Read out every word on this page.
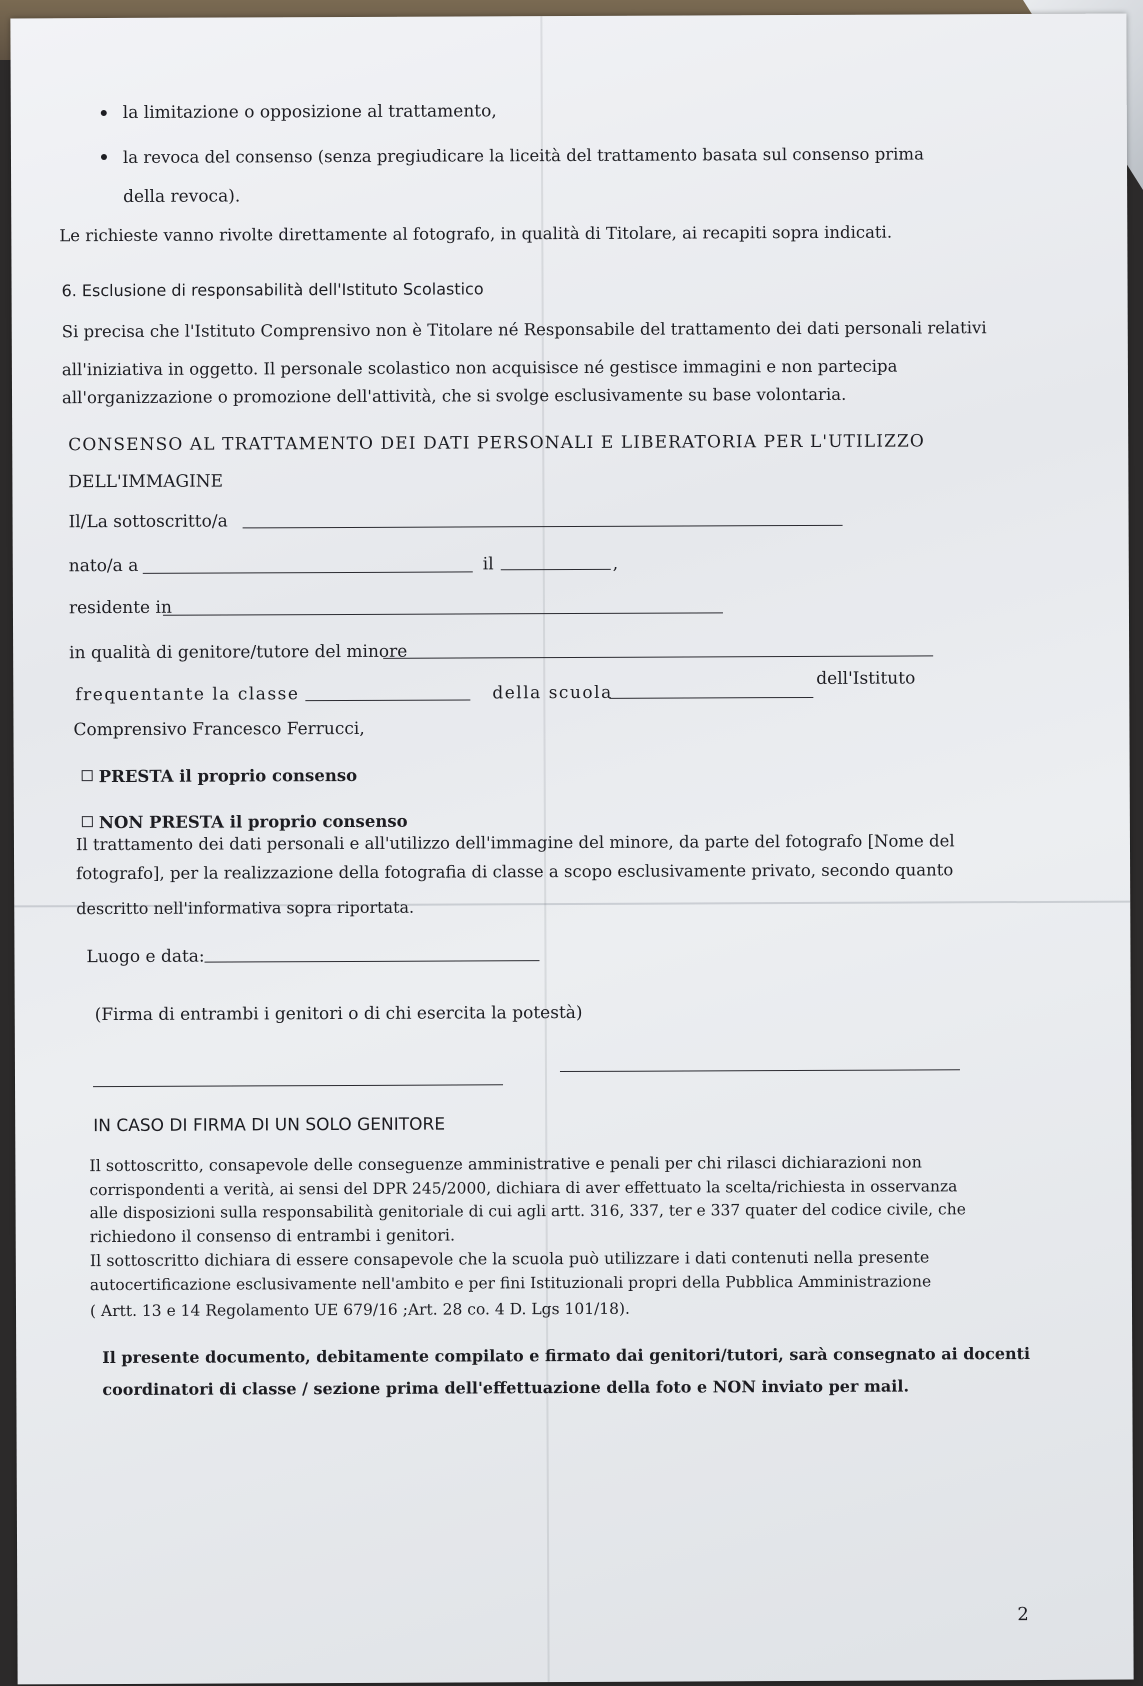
la limitazione o opposizione al trattamento,
la revoca del consenso (senza pregiudicare la liceità del trattamento basata sul consenso prima
della revoca).
Le richieste vanno rivolte direttamente al fotografo, in qualità di Titolare, ai recapiti sopra indicati.
6. Esclusione di responsabilità dell'Istituto Scolastico
Si precisa che l'Istituto Comprensivo non è Titolare né Responsabile del trattamento dei dati personali relativi
all'iniziativa in oggetto. Il personale scolastico non acquisisce né gestisce immagini e non partecipa
all'organizzazione o promozione dell'attività, che si svolge esclusivamente su base volontaria.
CONSENSO AL TRATTAMENTO DEI DATI PERSONALI E LIBERATORIA PER L'UTILIZZO
DELL'IMMAGINE
Il/La sottoscritto/a
nato/a a	il	,
residente in
in qualità di genitore/tutore del minore
frequentante la classe	della scuola
dell'Istituto
Comprensivo Francesco Ferrucci,
PRESTA il proprio consenso
NON PRESTA il proprio consenso
Il trattamento dei dati personali e all'utilizzo dell'immagine del minore, da parte del fotografo [Nome del
fotografo], per la realizzazione della fotografia di classe a scopo esclusivamente privato, secondo quanto
descritto nell'informativa sopra riportata.
Luogo e data:
(Firma di entrambi i genitori o di chi esercita la potestà)
IN CASO DI FIRMA DI UN SOLO GENITORE
Il sottoscritto, consapevole delle conseguenze amministrative e penali per chi rilasci dichiarazioni non
corrispondenti a verità, ai sensi del DPR 245/2000, dichiara di aver effettuato la scelta/richiesta in osservanza
alle disposizioni sulla responsabilità genitoriale di cui agli artt. 316, 337, ter e 337 quater del codice civile, che
richiedono il consenso di entrambi i genitori.
Il sottoscritto dichiara di essere consapevole che la scuola può utilizzare i dati contenuti nella presente
autocertificazione esclusivamente nell'ambito e per fini Istituzionali propri della Pubblica Amministrazione
( Artt. 13 e 14 Regolamento UE 679/16 ;Art. 28 co. 4 D. Lgs 101/18).
Il presente documento, debitamente compilato e firmato dai genitori/tutori, sarà consegnato ai docenti
coordinatori di classe / sezione prima dell'effettuazione della foto e NON inviato per mail.
2
